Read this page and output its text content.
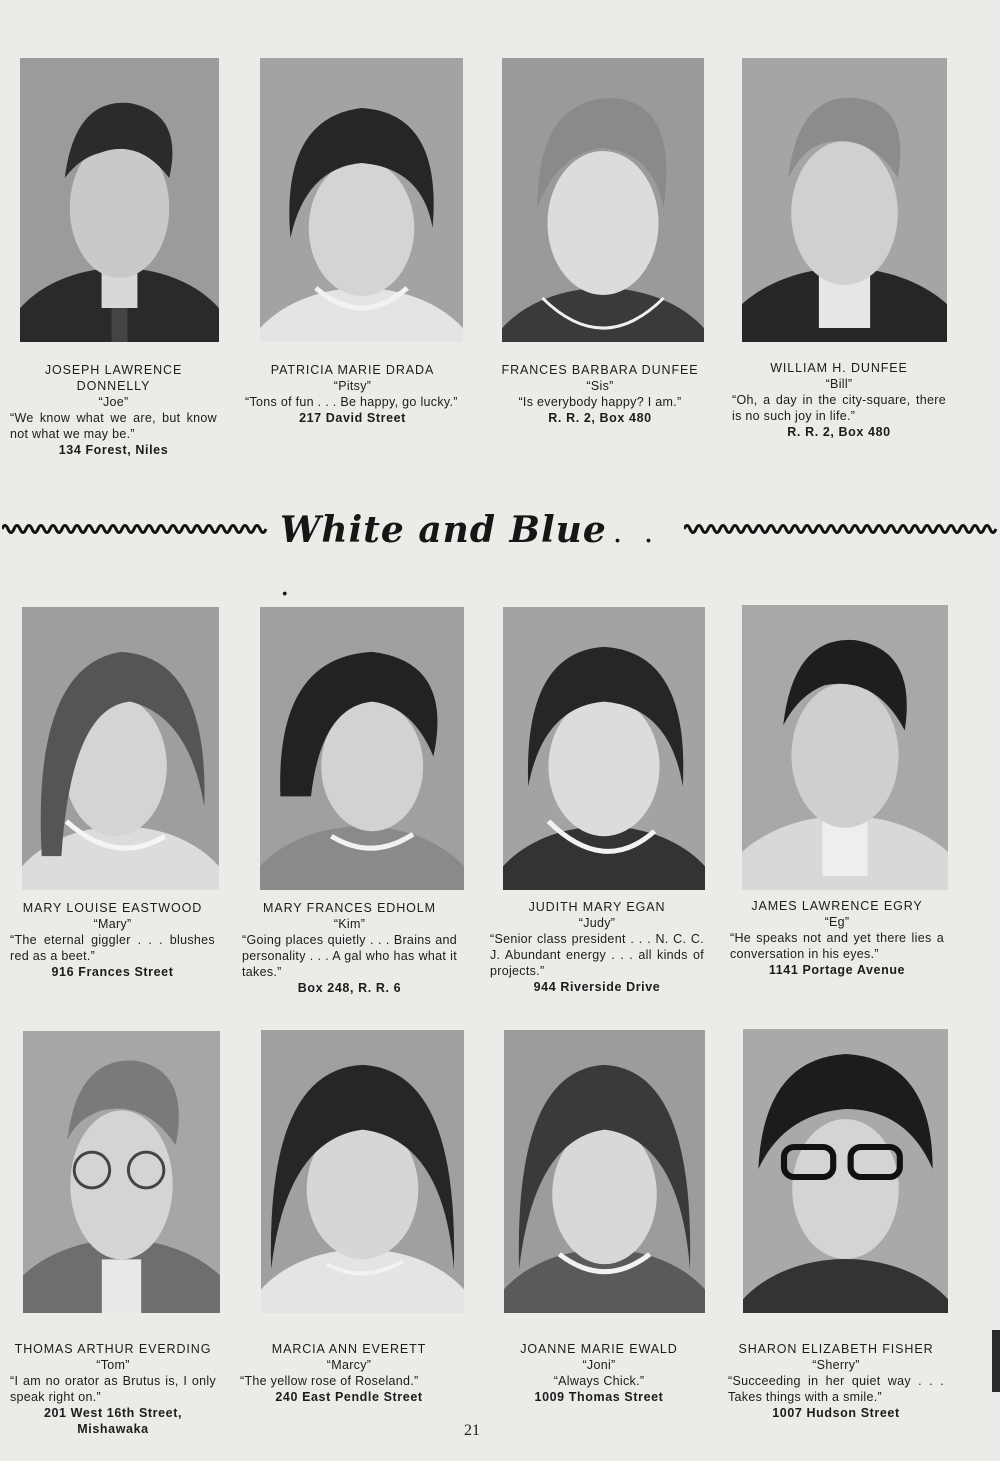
JOSEPH LAWRENCE DONNELLY
“Joe”
“We know what we are, but know not what we may be.”
134 Forest, Niles
PATRICIA MARIE DRADA
“Pitsy”
“Tons of fun . . . Be happy, go lucky.”
217 David Street
FRANCES BARBARA DUNFEE
“Sis”
“Is everybody happy? I am.”
R. R. 2, Box 480
WILLIAM H. DUNFEE
“Bill”
“Oh, a day in the city-square, there is no such joy in life.”
R. R. 2, Box 480
White and Blue . . .
MARY LOUISE EASTWOOD
“Mary”
“The eternal giggler . . . blushes red as a beet.”
916 Frances Street
MARY FRANCES EDHOLM
“Kim”
“Going places quietly . . . Brains and personality . . . A gal who has what it takes.”
Box 248, R. R. 6
JUDITH MARY EGAN
“Judy”
“Senior class president . . . N. C. C. J. Abundant energy . . . all kinds of projects.”
944 Riverside Drive
JAMES LAWRENCE EGRY
“Eg”
“He speaks not and yet there lies a conversation in his eyes.”
1141 Portage Avenue
THOMAS ARTHUR EVERDING
“Tom”
“I am no orator as Brutus is, I only speak right on.”
201 West 16th Street, Mishawaka
MARCIA ANN EVERETT
“Marcy”
“The yellow rose of Roseland.”
240 East Pendle Street
JOANNE MARIE EWALD
“Joni”
“Always Chick.”
1009 Thomas Street
SHARON ELIZABETH FISHER
“Sherry”
“Succeeding in her quiet way . . . Takes things with a smile.”
1007 Hudson Street
21
